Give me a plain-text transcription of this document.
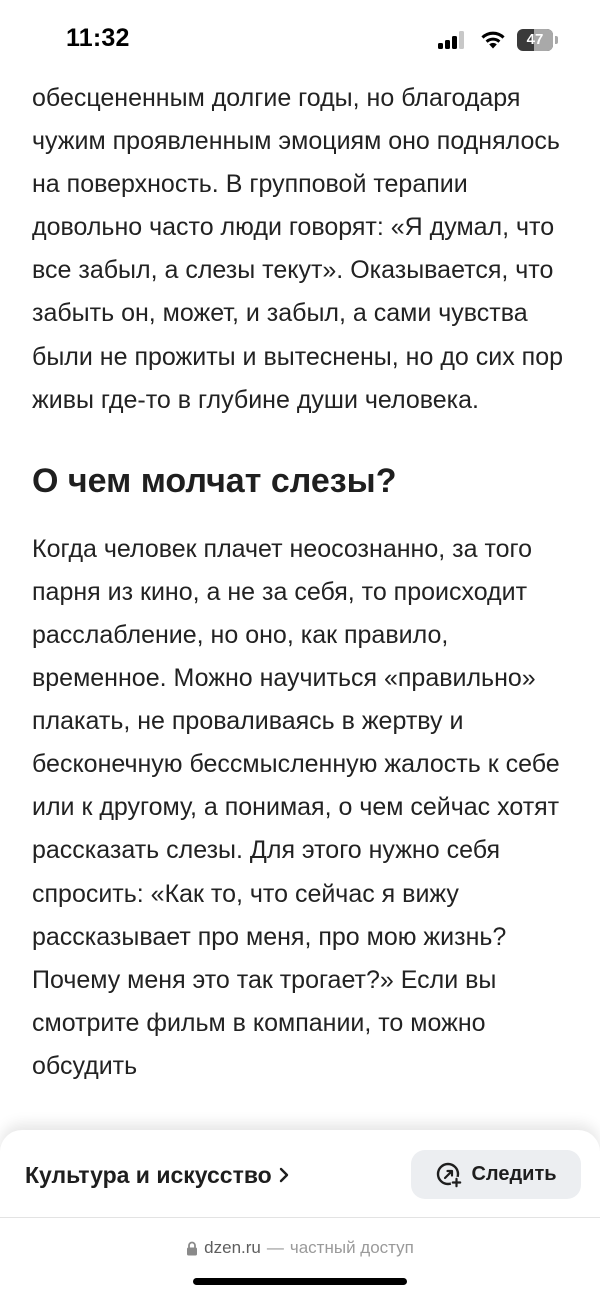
11:32	47

обесцененным долгие годы, но благодаря чужим проявленным эмоциям оно поднялось на поверхность. В групповой терапии довольно часто люди говорят: «Я думал, что все забыл, а слезы текут». Оказывается, что забыть он, может, и забыл, а сами чувства были не прожиты и вытеснены, но до сих пор живы где-то в глубине души человека.

О чем молчат слезы?

Когда человек плачет неосознанно, за того парня из кино, а не за себя, то происходит расслабление, но оно, как правило, временное. Можно научиться «правильно» плакать, не проваливаясь в жертву и бесконечную бессмысленную жалость к себе или к другому, а понимая, о чем сейчас хотят рассказать слезы. Для этого нужно себя спросить: «Как то, что сейчас я вижу рассказывает про меня, про мою жизнь? Почему меня это так трогает?» Если вы смотрите фильм в компании, то можно обсудить

Культура и искусство	Следить
dzen.ru — частный доступ
